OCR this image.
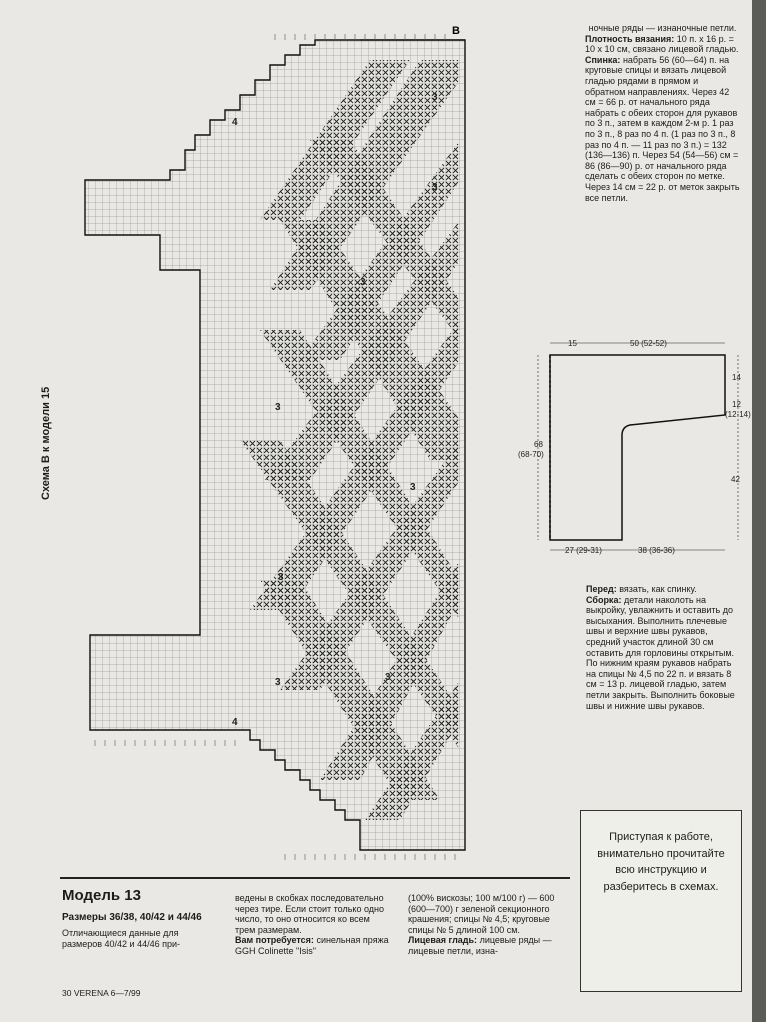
B
4
4
3
3
3
3
3
3
3
3
Схема B к модели 15

ночные ряды — изнаночные петли.

Плотность вязания: 10 п. х 16 р. = 10 х 10 см, связано лицевой гладью.

Спинка: набрать 56 (60—64) п. на круговые спицы и вязать лицевой гладью рядами в прямом и обратном направлениях. Через 42 см = 66 р. от начального ряда набрать с обеих сторон для рукавов по 3 п., затем в каждом 2-м р. 1 раз по 3 п., 8 раз по 4 п. (1 раз по 3 п., 8 раз по 4 п. — 11 раз по 3 п.) = 132 (136—136) п. Через 54 (54—56) см = 86 (86—90) р. от начального ряда сделать с обеих сторон по метке. Через 14 см = 22 р. от меток закрыть все петли.

15	50 (52-52)
14
12
(12-14)
68
(68-70)
42
27 (29-31)	38 (36-36)

Перед: вязать, как спинку.

Сборка: детали наколоть на выкройку, увлажнить и оставить до высыхания. Выполнить плечевые швы и верхние швы рукавов, средний участок длиной 30 см оставить для горловины открытым. По нижним краям рукавов набрать на спицы № 4,5 по 22 п. и вязать 8 см = 13 р. лицевой гладью, затем петли закрыть. Выполнить боковые швы и нижние швы рукавов.

Модель 13

Размеры 36/38, 40/42 и 44/46

Отличающиеся данные для размеров 40/42 и 44/46 при-

ведены в скобках последовательно через тире. Если стоит только одно число, то оно относится ко всем трем размерам.

Вам потребуется: синельная пряжа GGH Colinette "Isis"

(100% вискозы; 100 м/100 г) — 600 (600—700) г зеленой секционного крашения; спицы № 4,5; круговые спицы № 5 длиной 100 см.

Лицевая гладь: лицевые ряды — лицевые петли, изна-

30 VERENA 6—7/99
Приступая к работе, внимательно прочитайте всю инструкцию и разберитесь в схемах.
